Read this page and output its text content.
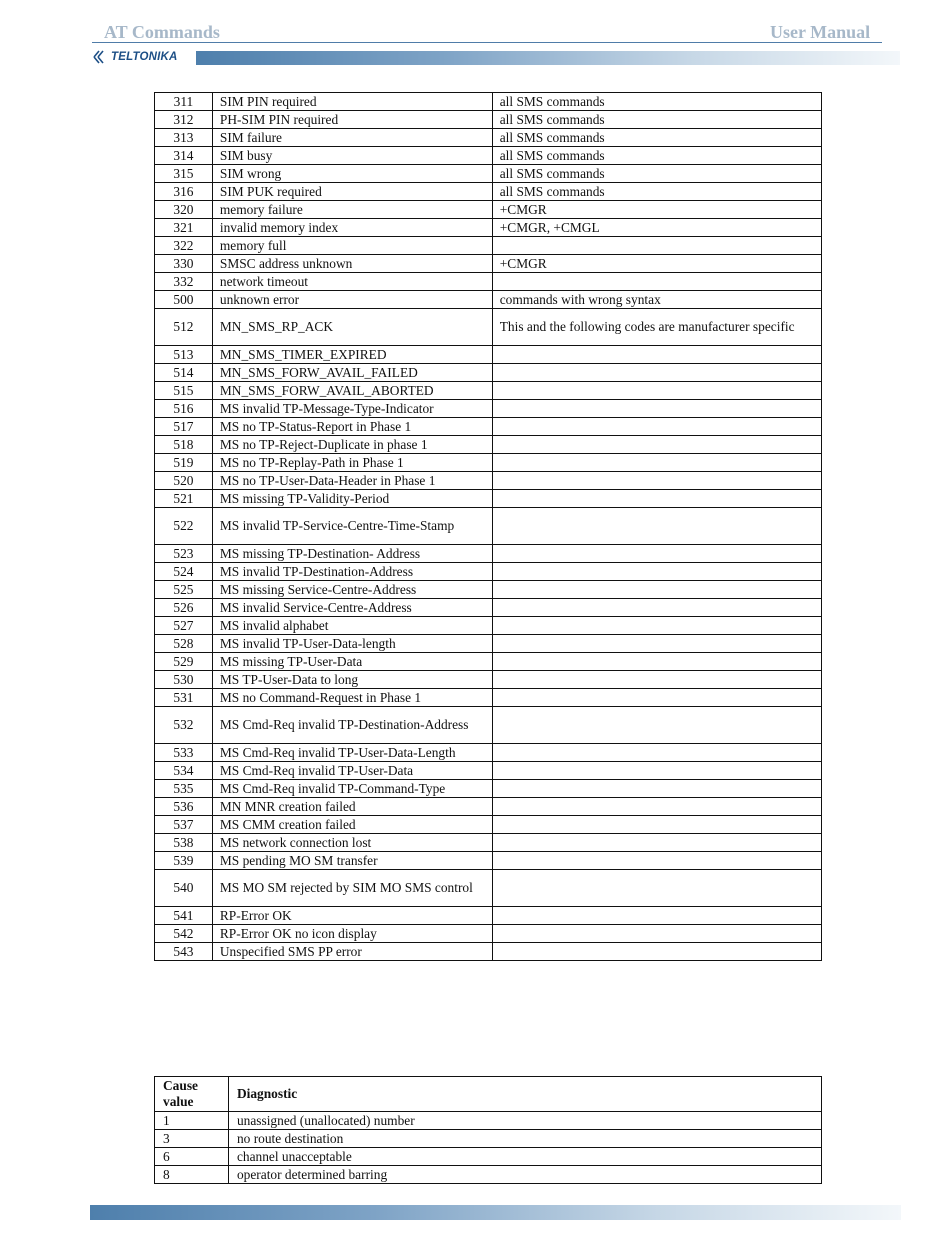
AT Commands	User Manual
TELTONIKA
311	SIM PIN required	all SMS commands
312	PH-SIM PIN required	all SMS commands
313	SIM failure	all SMS commands
314	SIM busy	all SMS commands
315	SIM wrong	all SMS commands
316	SIM PUK required	all SMS commands
320	memory failure	+CMGR
321	invalid memory index	+CMGR, +CMGL
322	memory full	
330	SMSC address unknown	+CMGR
332	network timeout	
500	unknown error	commands with wrong syntax
512	MN_SMS_RP_ACK	This and the following codes are manufacturer specific
513	MN_SMS_TIMER_EXPIRED	
514	MN_SMS_FORW_AVAIL_FAILED	
515	MN_SMS_FORW_AVAIL_ABORTED	
516	MS invalid TP-Message-Type-Indicator	
517	MS no TP-Status-Report in Phase 1	
518	MS no TP-Reject-Duplicate in phase 1	
519	MS no TP-Replay-Path in Phase 1	
520	MS no TP-User-Data-Header in Phase 1	
521	MS missing TP-Validity-Period	
522	MS invalid TP-Service-Centre-Time-Stamp	
523	MS missing TP-Destination- Address	
524	MS invalid TP-Destination-Address	
525	MS missing Service-Centre-Address	
526	MS invalid Service-Centre-Address	
527	MS invalid alphabet	
528	MS invalid TP-User-Data-length	
529	MS missing TP-User-Data	
530	MS TP-User-Data to long	
531	MS no Command-Request in Phase 1	
532	MS Cmd-Req invalid TP-Destination-Address	
533	MS Cmd-Req invalid TP-User-Data-Length	
534	MS Cmd-Req invalid TP-User-Data	
535	MS Cmd-Req invalid TP-Command-Type	
536	MN MNR creation failed	
537	MS CMM creation failed	
538	MS network connection lost	
539	MS pending MO SM transfer	
540	MS MO SM rejected by SIM MO SMS control	
541	RP-Error OK	
542	RP-Error OK no icon display	
543	Unspecified SMS PP error	
Cause value	Diagnostic
1	unassigned (unallocated) number
3	no route destination
6	channel unacceptable
8	operator determined barring
